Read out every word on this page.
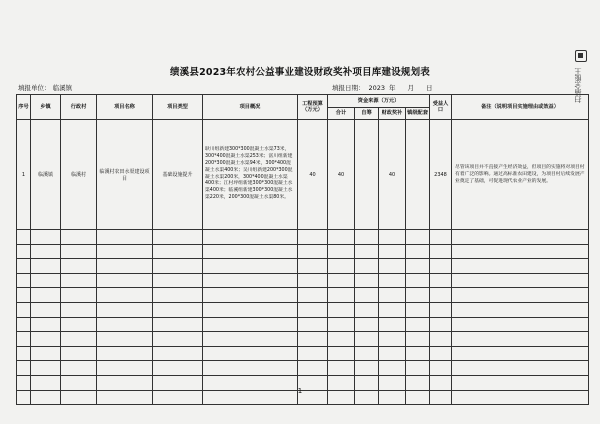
绩溪县2023年农村公益事业建设财政奖补项目库建设规划表
填报单位： 临溪镇	填报日期： 2023 年 月 日
序号	乡镇	行政村	项目名称	项目类型	项目概况	工程预算（万元）	资金来源（万元）				受益人口	备注（说明项目实施理由或效益）
							合计	自筹	财政奖补	镇级配套		
1	临溪镇	临溪村	临溪村农田水渠建设项目	基础设施提升	耿川组新建300*300混凝土水渠73米，300*400混凝土水渠253米；富川组新建200*300混凝土水渠94米，300*400混凝土水渠400米；吴川组新建200*300混凝土水渠200米，300*400混凝土水渠400米；江村坪组新建300*300混凝土水渠400米；临溪组新建300*300混凝土水渠220米，200*300混凝土水渠80米。	40	40		40		2348	尽管该项目并不直接产生经济效益，但项目的实施将对项目村有着广泛的影响。通过高标准农田建设，为项目村后续发展产业奠定了基础，可促进现代农业产业的发展。

1
扫描全能王
